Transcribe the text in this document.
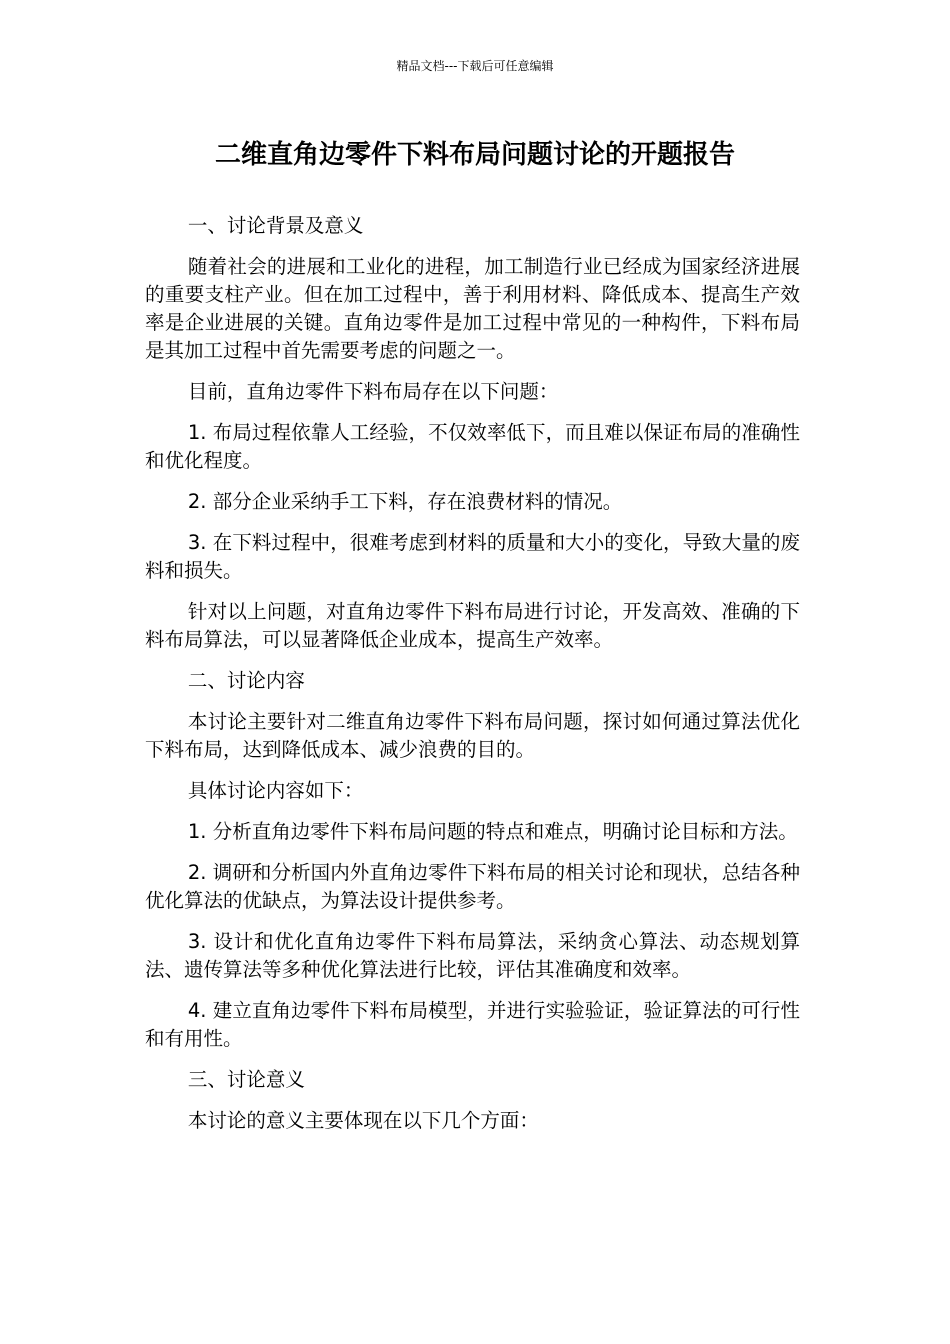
精品文档---下载后可任意编辑
二维直角边零件下料布局问题讨论的开题报告

一、讨论背景及意义

随着社会的进展和工业化的进程，加工制造行业已经成为国家经济进展的重要支柱产业。但在加工过程中，善于利用材料、降低成本、提高生产效率是企业进展的关键。直角边零件是加工过程中常见的一种构件，下料布局是其加工过程中首先需要考虑的问题之一。

目前，直角边零件下料布局存在以下问题：

1. 布局过程依靠人工经验，不仅效率低下，而且难以保证布局的准确性和优化程度。

2. 部分企业采纳手工下料，存在浪费材料的情况。

3. 在下料过程中，很难考虑到材料的质量和大小的变化，导致大量的废料和损失。

针对以上问题，对直角边零件下料布局进行讨论，开发高效、准确的下料布局算法，可以显著降低企业成本，提高生产效率。

二、讨论内容

本讨论主要针对二维直角边零件下料布局问题，探讨如何通过算法优化下料布局，达到降低成本、减少浪费的目的。

具体讨论内容如下：

1. 分析直角边零件下料布局问题的特点和难点，明确讨论目标和方法。

2. 调研和分析国内外直角边零件下料布局的相关讨论和现状，总结各种优化算法的优缺点，为算法设计提供参考。

3. 设计和优化直角边零件下料布局算法，采纳贪心算法、动态规划算法、遗传算法等多种优化算法进行比较，评估其准确度和效率。

4. 建立直角边零件下料布局模型，并进行实验验证，验证算法的可行性和有用性。

三、讨论意义

本讨论的意义主要体现在以下几个方面：
